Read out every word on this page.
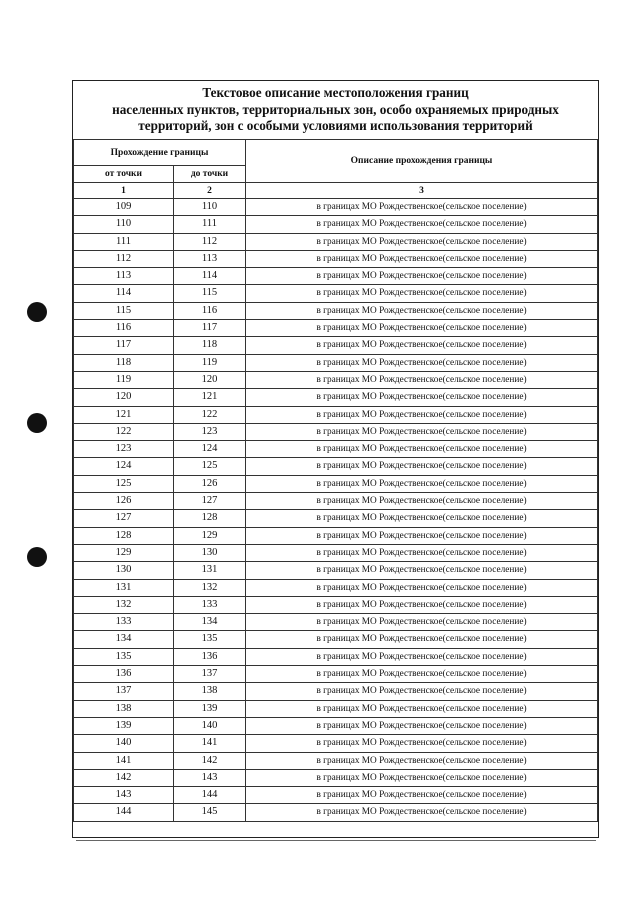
Текстовое описание местоположения границ
населенных пунктов, территориальных зон, особо охраняемых природных
территорий, зон с особыми условиями использования территорий
Прохождение границы		Описание прохождения границы
от точки	до точки	
1	2	3
109	110	в границах МО Рождественское(сельское поселение)
110	111	в границах МО Рождественское(сельское поселение)
111	112	в границах МО Рождественское(сельское поселение)
112	113	в границах МО Рождественское(сельское поселение)
113	114	в границах МО Рождественское(сельское поселение)
114	115	в границах МО Рождественское(сельское поселение)
115	116	в границах МО Рождественское(сельское поселение)
116	117	в границах МО Рождественское(сельское поселение)
117	118	в границах МО Рождественское(сельское поселение)
118	119	в границах МО Рождественское(сельское поселение)
119	120	в границах МО Рождественское(сельское поселение)
120	121	в границах МО Рождественское(сельское поселение)
121	122	в границах МО Рождественское(сельское поселение)
122	123	в границах МО Рождественское(сельское поселение)
123	124	в границах МО Рождественское(сельское поселение)
124	125	в границах МО Рождественское(сельское поселение)
125	126	в границах МО Рождественское(сельское поселение)
126	127	в границах МО Рождественское(сельское поселение)
127	128	в границах МО Рождественское(сельское поселение)
128	129	в границах МО Рождественское(сельское поселение)
129	130	в границах МО Рождественское(сельское поселение)
130	131	в границах МО Рождественское(сельское поселение)
131	132	в границах МО Рождественское(сельское поселение)
132	133	в границах МО Рождественское(сельское поселение)
133	134	в границах МО Рождественское(сельское поселение)
134	135	в границах МО Рождественское(сельское поселение)
135	136	в границах МО Рождественское(сельское поселение)
136	137	в границах МО Рождественское(сельское поселение)
137	138	в границах МО Рождественское(сельское поселение)
138	139	в границах МО Рождественское(сельское поселение)
139	140	в границах МО Рождественское(сельское поселение)
140	141	в границах МО Рождественское(сельское поселение)
141	142	в границах МО Рождественское(сельское поселение)
142	143	в границах МО Рождественское(сельское поселение)
143	144	в границах МО Рождественское(сельское поселение)
144	145	в границах МО Рождественское(сельское поселение)
